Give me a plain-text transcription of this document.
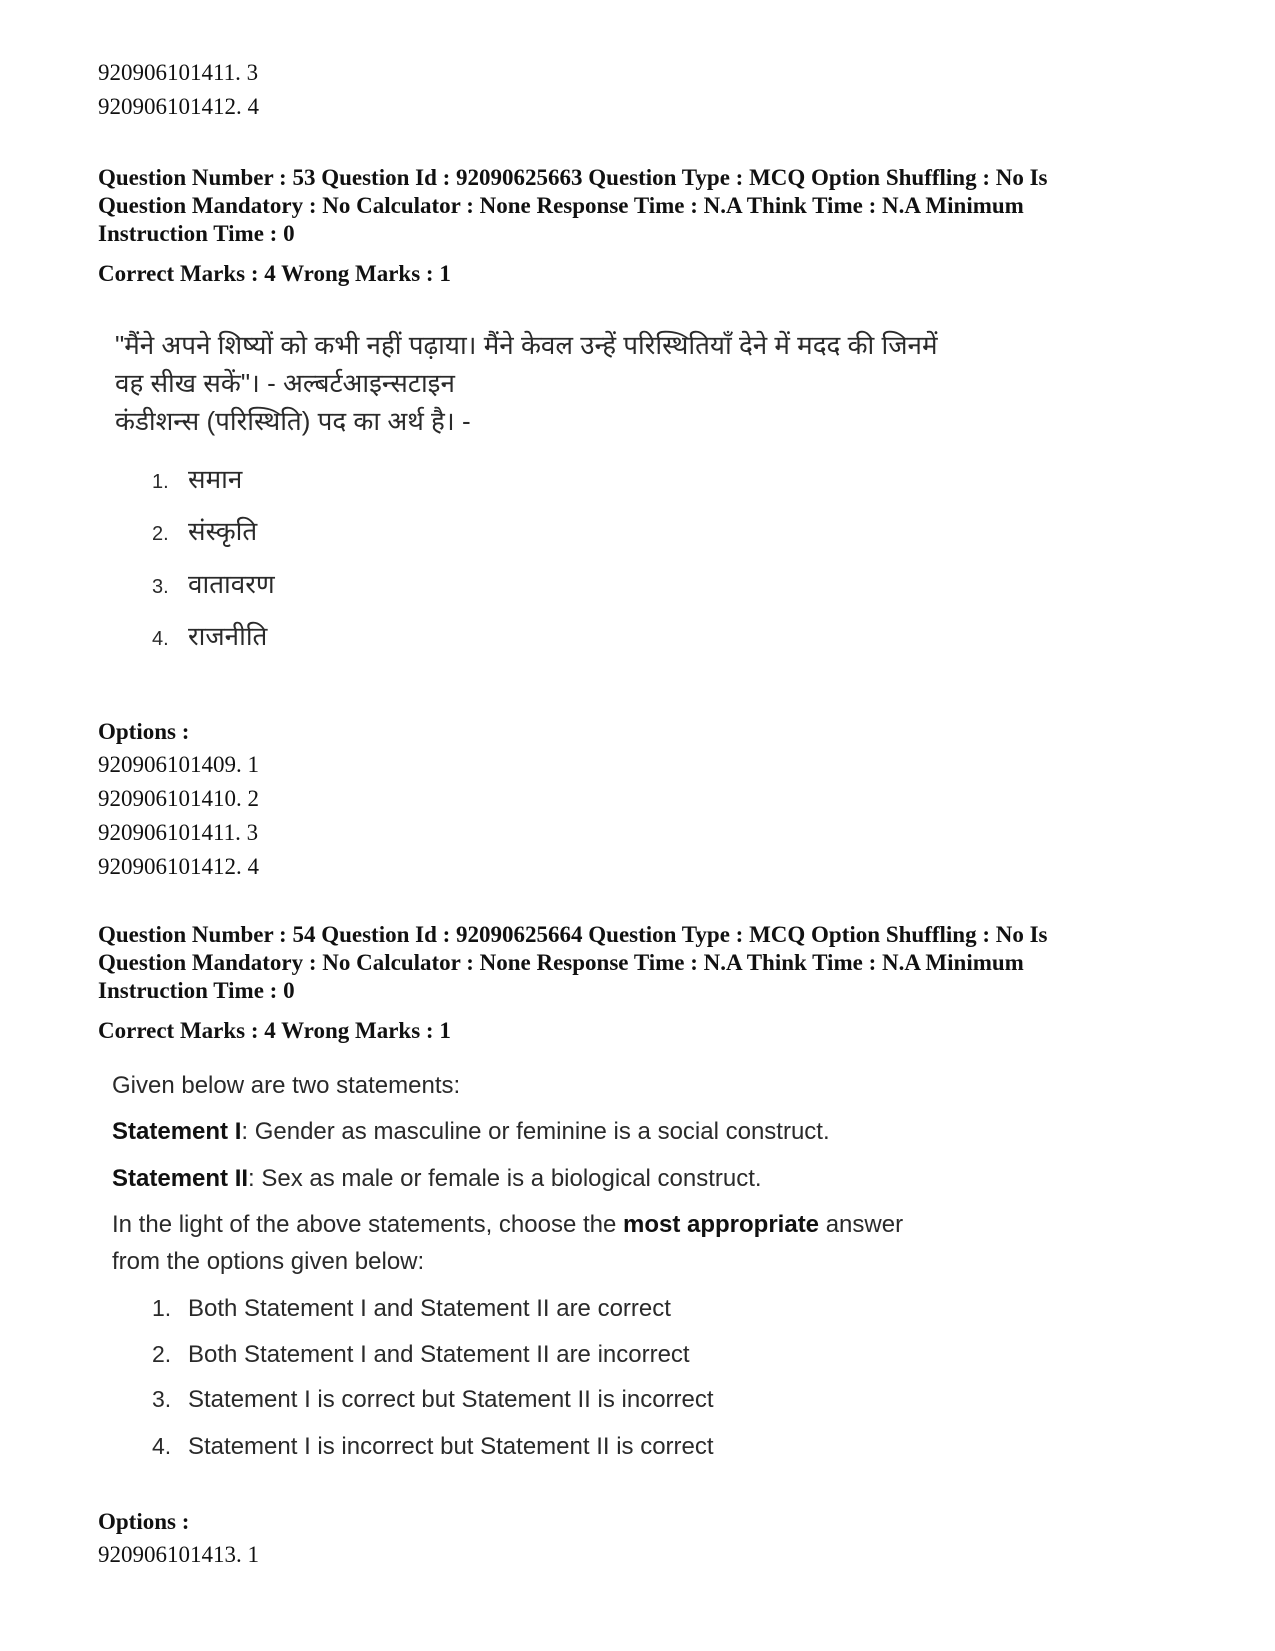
920906101411. 3
920906101412. 4
Question Number : 53 Question Id : 92090625663 Question Type : MCQ Option Shuffling : No Is
Question Mandatory : No Calculator : None Response Time : N.A Think Time : N.A Minimum
Instruction Time : 0
Correct Marks : 4 Wrong Marks : 1
"मैंने अपने शिष्यों को कभी नहीं पढ़ाया। मैंने केवल उन्हें परिस्थितियाँ देने में मदद की जिनमें
वह सीख सकें"। - अल्बर्टआइन्सटाइन
कंडीशन्स (परिस्थिति) पद का अर्थ है। -
1. समान
2. संस्कृति
3. वातावरण
4. राजनीति
Options :
920906101409. 1
920906101410. 2
920906101411. 3
920906101412. 4
Question Number : 54 Question Id : 92090625664 Question Type : MCQ Option Shuffling : No Is
Question Mandatory : No Calculator : None Response Time : N.A Think Time : N.A Minimum
Instruction Time : 0
Correct Marks : 4 Wrong Marks : 1
Given below are two statements:
Statement I: Gender as masculine or feminine is a social construct.
Statement II: Sex as male or female is a biological construct.
In the light of the above statements, choose the most appropriate answer
from the options given below:
1. Both Statement I and Statement II are correct
2. Both Statement I and Statement II are incorrect
3. Statement I is correct but Statement II is incorrect
4. Statement I is incorrect but Statement II is correct
Options :
920906101413. 1
